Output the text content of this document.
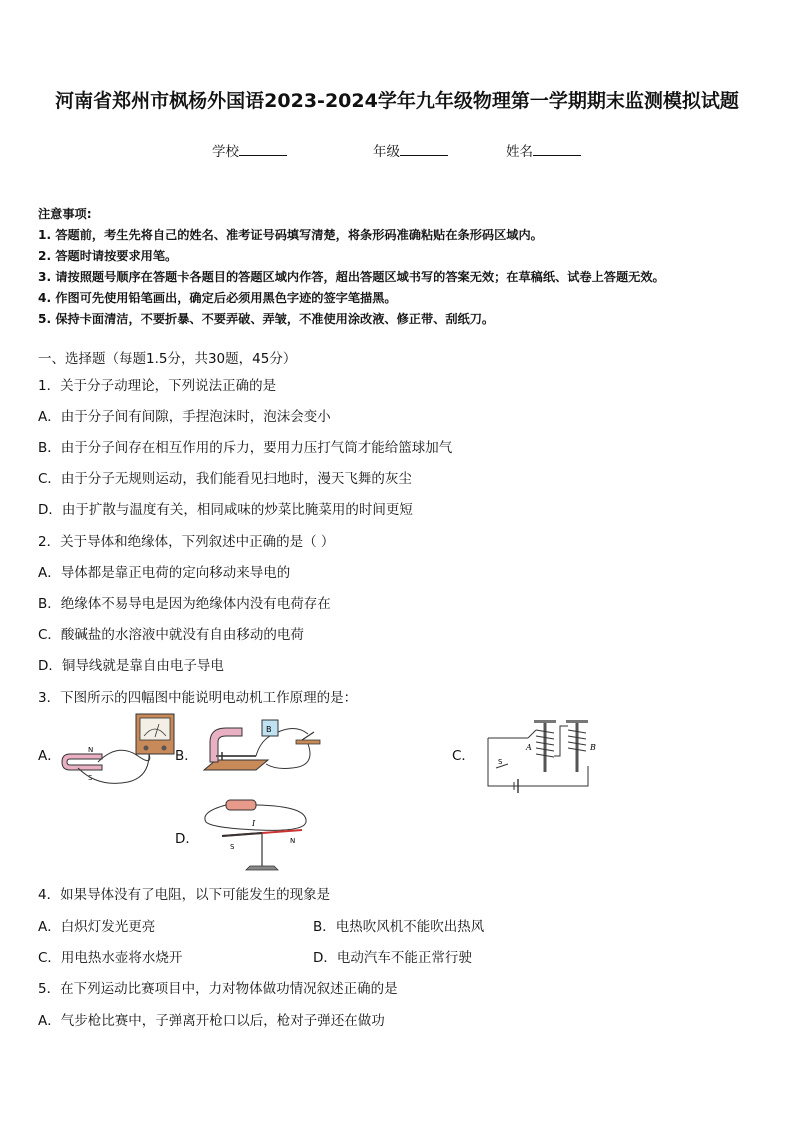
河南省郑州市枫杨外国语2023-2024学年九年级物理第一学期期末监测模拟试题
学校	年级	姓名
注意事项:
1. 答题前，考生先将自己的姓名、准考证号码填写清楚，将条形码准确粘贴在条形码区域内。
2. 答题时请按要求用笔。
3. 请按照题号顺序在答题卡各题目的答题区域内作答，超出答题区域书写的答案无效；在草稿纸、试卷上答题无效。
4. 作图可先使用铅笔画出，确定后必须用黑色字迹的签字笔描黑。
5. 保持卡面清洁，不要折暴、不要弄破、弄皱，不准使用涂改液、修正带、刮纸刀。
一、选择题（每题1.5分，共30题，45分）
1．关于分子动理论，下列说法正确的是
A．由于分子间有间隙，手捏泡沫时，泡沫会变小
B．由于分子间存在相互作用的斥力，要用力压打气筒才能给篮球加气
C．由于分子无规则运动，我们能看见扫地时，漫天飞舞的灰尘
D．由于扩散与温度有关，相同咸味的炒菜比腌菜用的时间更短
2．关于导体和绝缘体，下列叙述中正确的是（ ）
A．导体都是靠正电荷的定向移动来导电的
B．绝缘体不易导电是因为绝缘体内没有电荷存在
C．酸碱盐的水溶液中就没有自由移动的电荷
D．铜导线就是靠自由电子导电
3．下图所示的四幅图中能说明电动机工作原理的是：
A．	B．	C．
D．
N
S
B
A	B
S
I
S
N
4．如果导体没有了电阻，以下可能发生的现象是
A．白炽灯发光更亮	B．电热吹风机不能吹出热风
C．用电热水壶将水烧开	D．电动汽车不能正常行驶
5．在下列运动比赛项目中，力对物体做功情况叙述正确的是
A．气步枪比赛中，子弹离开枪口以后，枪对子弹还在做功
